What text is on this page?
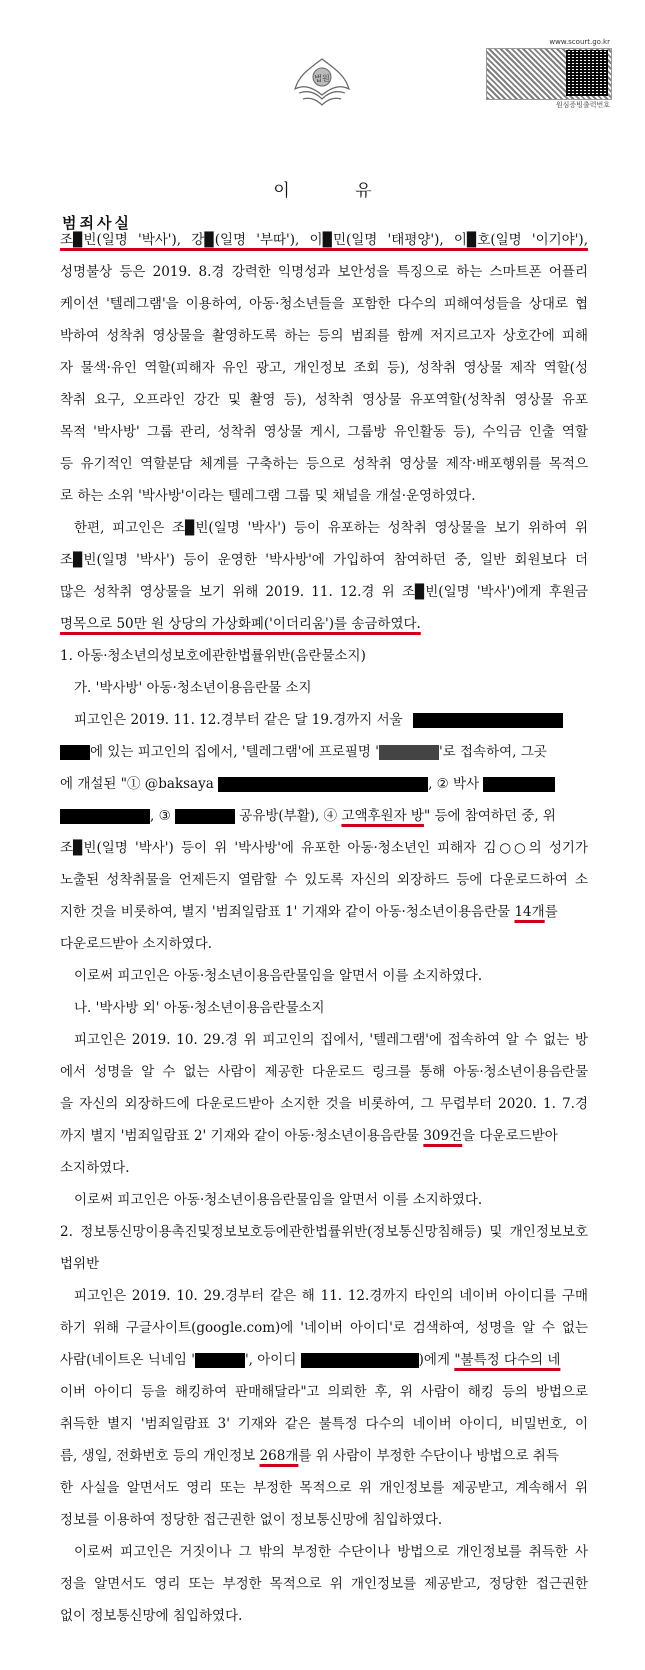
법원
www.scourt.go.kr
원심증빙출력번호
이 유
범죄사실
조▉빈(일명 '박사'), 강▉(일명 '부따'), 이▉민(일명 '태평양'), 이▉호(일명 '이기야'),
성명불상 등은 2019. 8.경 강력한 익명성과 보안성을 특징으로 하는 스마트폰 어플리
케이션 '텔레그램'을 이용하여, 아동·청소년들을 포함한 다수의 피해여성들을 상대로 협
박하여 성착취 영상물을 촬영하도록 하는 등의 범죄를 함께 저지르고자 상호간에 피해
자 물색·유인 역할(피해자 유인 광고, 개인정보 조회 등), 성착취 영상물 제작 역할(성
착취 요구, 오프라인 강간 및 촬영 등), 성착취 영상물 유포역할(성착취 영상물 유포
목적 '박사방' 그룹 관리, 성착취 영상물 게시, 그룹방 유인활동 등), 수익금 인출 역할
등 유기적인 역할분담 체계를 구축하는 등으로 성착취 영상물 제작·배포행위를 목적으
로 하는 소위 '박사방'이라는 텔레그램 그룹 및 채널을 개설·운영하였다.
한편, 피고인은 조▉빈(일명 '박사') 등이 유포하는 성착취 영상물을 보기 위하여 위
조▉빈(일명 '박사') 등이 운영한 '박사방'에 가입하여 참여하던 중, 일반 회원보다 더
많은 성착취 영상물을 보기 위해 2019. 11. 12.경 위 조▉빈(일명 '박사')에게 후원금
명목으로 50만 원 상당의 가상화폐('이더리움')를 송금하였다.
1. 아동·청소년의성보호에관한법률위반(음란물소지)
가. '박사방' 아동·청소년이용음란물 소지
피고인은 2019. 11. 12.경부터 같은 달 19.경까지 서울
에 있는 피고인의 집에서, '텔레그램'에 프로필명 '	'로 접속하여, 그곳
에 개설된 "① @baksaya	, ② 박사
, ③	공유방(부활), ④ 고액후원자 방" 등에 참여하던 중, 위
조▉빈(일명 '박사') 등이 위 '박사방'에 유포한 아동·청소년인 피해자 김○○의 성기가
노출된 성착취물을 언제든지 열람할 수 있도록 자신의 외장하드 등에 다운로드하여 소
지한 것을 비롯하여, 별지 '범죄일람표 1' 기재와 같이 아동·청소년이용음란물 14개를
다운로드받아 소지하였다.
이로써 피고인은 아동·청소년이용음란물임을 알면서 이를 소지하였다.
나. '박사방 외' 아동·청소년이용음란물소지
피고인은 2019. 10. 29.경 위 피고인의 집에서, '텔레그램'에 접속하여 알 수 없는 방
에서 성명을 알 수 없는 사람이 제공한 다운로드 링크를 통해 아동·청소년이용음란물
을 자신의 외장하드에 다운로드받아 소지한 것을 비롯하여, 그 무렵부터 2020. 1. 7.경
까지 별지 '범죄일람표 2' 기재와 같이 아동·청소년이용음란물 309건을 다운로드받아
소지하였다.
이로써 피고인은 아동·청소년이용음란물임을 알면서 이를 소지하였다.
2. 정보통신망이용촉진및정보보호등에관한법률위반(정보통신망침해등) 및 개인정보보호
법위반
피고인은 2019. 10. 29.경부터 같은 해 11. 12.경까지 타인의 네이버 아이디를 구매
하기 위해 구글사이트(google.com)에 '네이버 아이디'로 검색하여, 성명을 알 수 없는
사람(네이트온 닉네임 '	', 아이디	)에게 "불특정 다수의 네
이버 아이디 등을 해킹하여 판매해달라"고 의뢰한 후, 위 사람이 해킹 등의 방법으로
취득한 별지 '범죄일람표 3' 기재와 같은 불특정 다수의 네이버 아이디, 비밀번호, 이
름, 생일, 전화번호 등의 개인정보 268개를 위 사람이 부정한 수단이나 방법으로 취득
한 사실을 알면서도 영리 또는 부정한 목적으로 위 개인정보를 제공받고, 계속해서 위
정보를 이용하여 정당한 접근권한 없이 정보통신망에 침입하였다.
이로써 피고인은 거짓이나 그 밖의 부정한 수단이나 방법으로 개인정보를 취득한 사
정을 알면서도 영리 또는 부정한 목적으로 위 개인정보를 제공받고, 정당한 접근권한
없이 정보통신망에 침입하였다.
